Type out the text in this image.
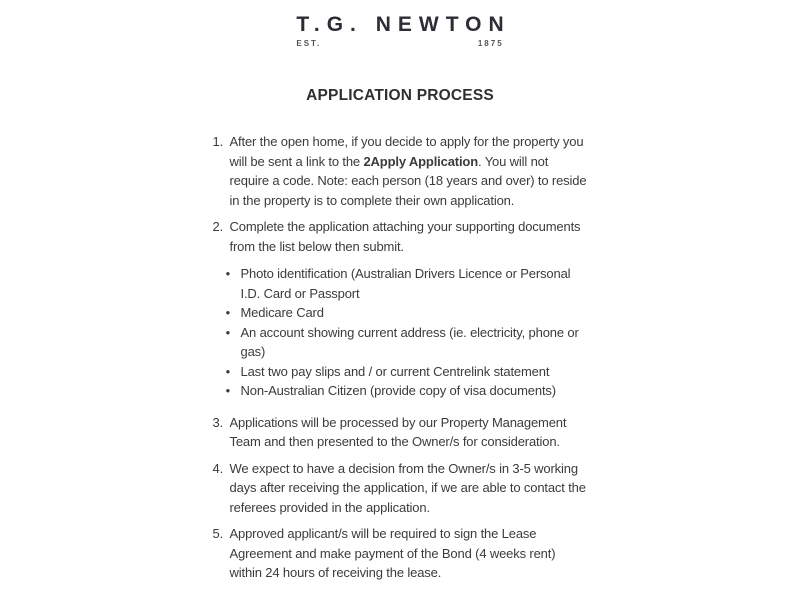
T.G. NEWTON
EST.	1875
APPLICATION PROCESS
1. After the open home, if you decide to apply for the property you will be sent a link to the 2Apply Application. You will not require a code. Note: each person (18 years and over) to reside in the property is to complete their own application.
2. Complete the application attaching your supporting documents from the list below then submit.
● Photo identification (Australian Drivers Licence or Personal I.D. Card or Passport
● Medicare Card
● An account showing current address (ie. electricity, phone or gas)
● Last two pay slips and / or current Centrelink statement
● Non-Australian Citizen (provide copy of visa documents)
3. Applications will be processed by our Property Management Team and then presented to the Owner/s for consideration.
4. We expect to have a decision from the Owner/s in 3-5 working days after receiving the application, if we are able to contact the referees provided in the application.
5. Approved applicant/s will be required to sign the Lease Agreement and make payment of the Bond (4 weeks rent) within 24 hours of receiving the lease.
